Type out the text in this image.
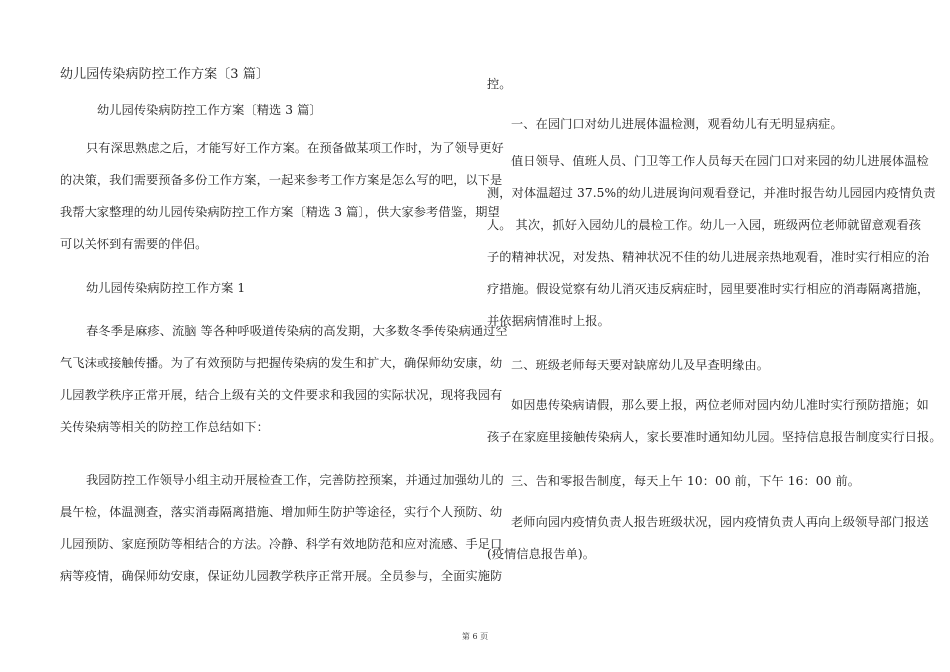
幼儿园传染病防控工作方案〔3 篇〕
幼儿园传染病防控工作方案〔精选 3 篇〕
只有深思熟虑之后，才能写好工作方案。在预备做某项工作时，为了领导更好
的决策，我们需要预备多份工作方案，一起来参考工作方案是怎么写的吧，以下是
我帮大家整理的幼儿园传染病防控工作方案〔精选 3 篇〕，供大家参考借鉴，期望
可以关怀到有需要的伴侣。
幼儿园传染病防控工作方案 1
春冬季是麻疹、流脑 等各种呼吸道传染病的高发期，大多数冬季传染病通过空
气飞沫或接触传播。为了有效预防与把握传染病的发生和扩大，确保师幼安康，幼
儿园教学秩序正常开展，结合上级有关的文件要求和我园的实际状况，现将我园有
关传染病等相关的防控工作总结如下：
我园防控工作领导小组主动开展检查工作，完善防控预案，并通过加强幼儿的
晨午检，体温测查，落实消毒隔离措施、增加师生防护等途径，实行个人预防、幼
儿园预防、家庭预防等相结合的方法。冷静、科学有效地防范和应对流感、手足口
病等疫情，确保师幼安康，保证幼儿园教学秩序正常开展。全员参与，全面实施防
控。
一、在园门口对幼儿进展体温检测，观看幼儿有无明显病症。
值日领导、值班人员、门卫等工作人员每天在园门口对来园的幼儿进展体温检
测，对体温超过 37.5%的幼儿进展询问观看登记，并准时报告幼儿园园内疫情负责
人。 其次，抓好入园幼儿的晨检工作。幼儿一入园，班级两位老师就留意观看孩
子的精神状况，对发热、精神状况不佳的幼儿进展亲热地观看，准时实行相应的治
疗措施。假设觉察有幼儿消灭违反病症时，园里要准时实行相应的消毒隔离措施，
并依据病情准时上报。
二、班级老师每天要对缺席幼儿及早查明缘由。
如因患传染病请假，那么要上报，两位老师对园内幼儿准时实行预防措施；如
孩子在家庭里接触传染病人，家长要准时通知幼儿园。坚持信息报告制度实行日报。
三、告和零报告制度，每天上午 10：00 前，下午 16：00 前。
老师向园内疫情负责人报告班级状况，园内疫情负责人再向上级领导部门报送
(疫情信息报告单)。
第 6 页
